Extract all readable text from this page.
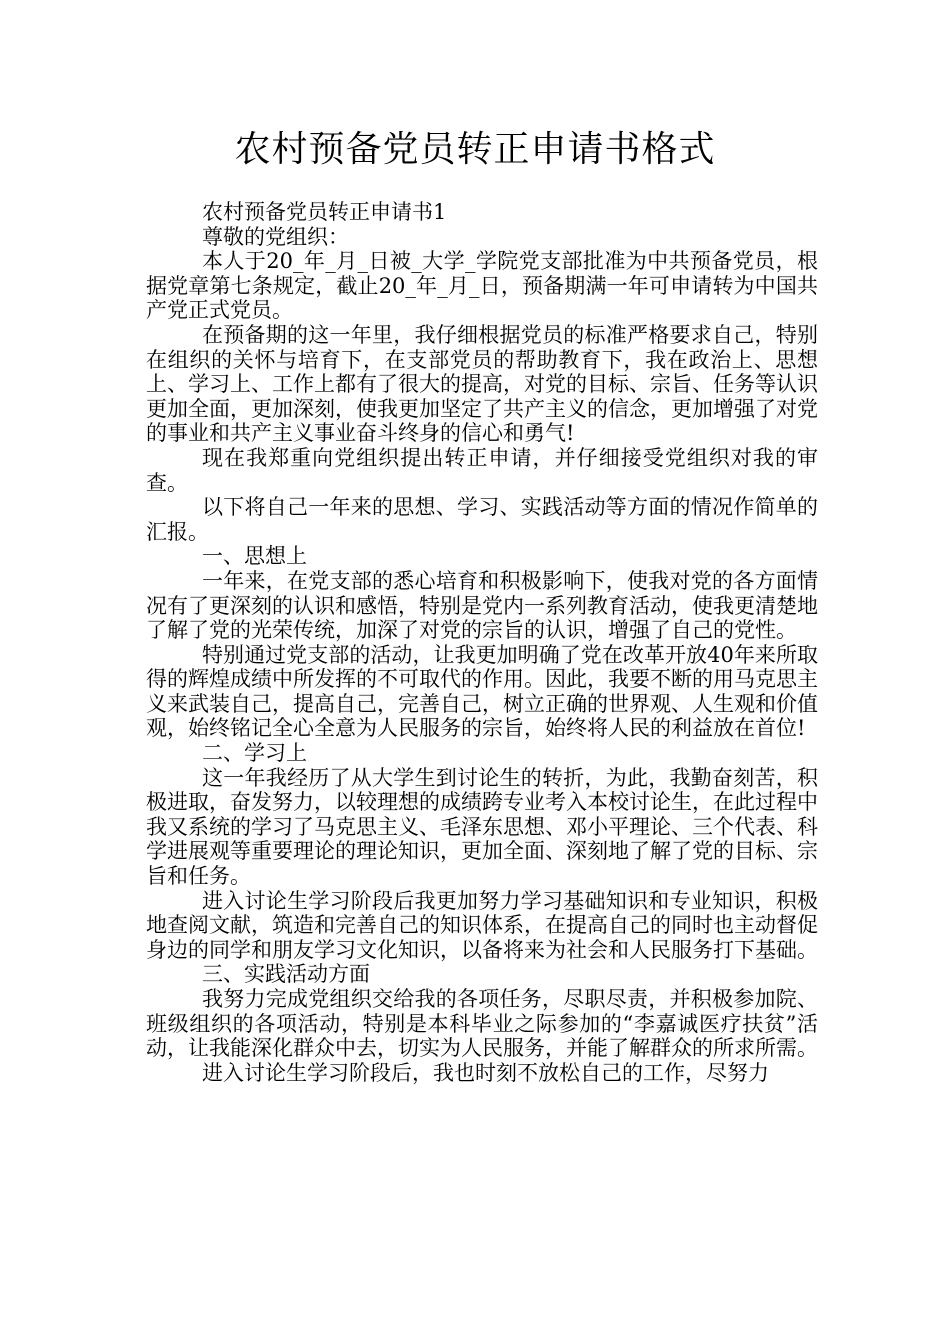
农村预备党员转正申请书格式

农村预备党员转正申请书1

尊敬的党组织：

本人于20_年_月_日被_大学_学院党支部批准为中共预备党员，根据党章第七条规定，截止20_年_月_日，预备期满一年可申请转为中国共产党正式党员。

在预备期的这一年里，我仔细根据党员的标准严格要求自己，特别在组织的关怀与培育下，在支部党员的帮助教育下，我在政治上、思想上、学习上、工作上都有了很大的提高，对党的目标、宗旨、任务等认识更加全面，更加深刻，使我更加坚定了共产主义的信念，更加增强了对党的事业和共产主义事业奋斗终身的信心和勇气!

现在我郑重向党组织提出转正申请，并仔细接受党组织对我的审查。

以下将自己一年来的思想、学习、实践活动等方面的情况作简单的汇报。

一、思想上

一年来，在党支部的悉心培育和积极影响下，使我对党的各方面情况有了更深刻的认识和感悟，特别是党内一系列教育活动，使我更清楚地了解了党的光荣传统，加深了对党的宗旨的认识，增强了自己的党性。

特别通过党支部的活动，让我更加明确了党在改革开放40年来所取得的辉煌成绩中所发挥的不可取代的作用。因此，我要不断的用马克思主义来武装自己，提高自己，完善自己，树立正确的世界观、人生观和价值观，始终铭记全心全意为人民服务的宗旨，始终将人民的利益放在首位!

二、学习上

这一年我经历了从大学生到讨论生的转折，为此，我勤奋刻苦，积极进取，奋发努力，以较理想的成绩跨专业考入本校讨论生，在此过程中我又系统的学习了马克思主义、毛泽东思想、邓小平理论、三个代表、科学进展观等重要理论的理论知识，更加全面、深刻地了解了党的目标、宗旨和任务。

进入讨论生学习阶段后我更加努力学习基础知识和专业知识，积极地查阅文献，筑造和完善自己的知识体系，在提高自己的同时也主动督促身边的同学和朋友学习文化知识，以备将来为社会和人民服务打下基础。

三、实践活动方面

我努力完成党组织交给我的各项任务，尽职尽责，并积极参加院、班级组织的各项活动，特别是本科毕业之际参加的“李嘉诚医疗扶贫”活动，让我能深化群众中去，切实为人民服务，并能了解群众的所求所需。

进入讨论生学习阶段后，我也时刻不放松自己的工作，尽努力
